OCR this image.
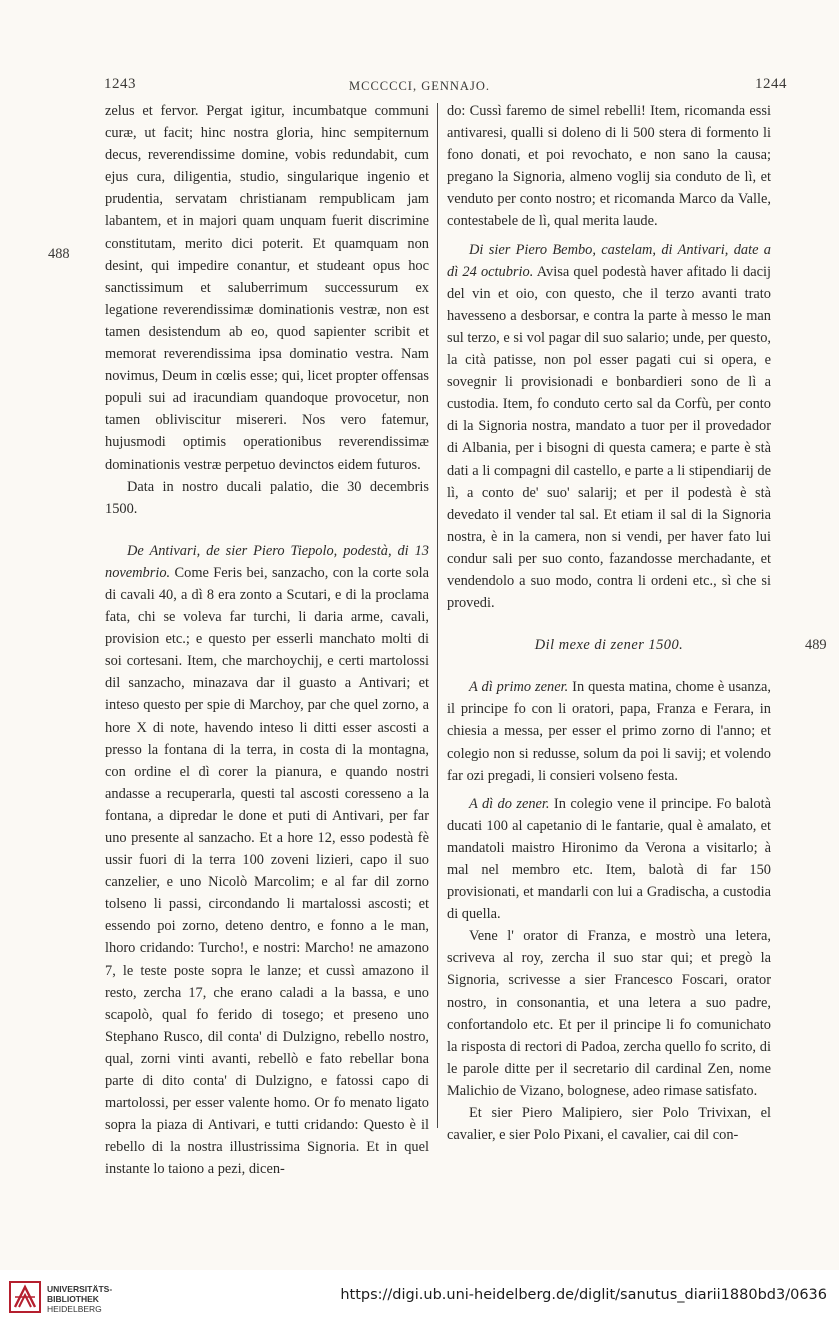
1243	MCCCCCI, GENNAJO.	1244
488
489

zelus et fervor. Pergat igitur, incumbatque communi curæ, ut facit; hinc nostra gloria, hinc sempiternum decus, reverendissime domine, vobis redundabit, cum ejus cura, diligentia, studio, singularique ingenio et prudentia, servatam christianam rempublicam jam labantem, et in majori quam unquam fuerit discrimine constitutam, merito dici poterit. Et quamquam non desint, qui impedire conantur, et studeant opus hoc sanctissimum et saluberrimum successurum ex legatione reverendissimæ dominationis vestræ, non est tamen desistendum ab eo, quod sapienter scribit et memorat reverendissima ipsa dominatio vestra. Nam novimus, Deum in cœlis esse; qui, licet propter offensas populi sui ad iracundiam quandoque provocetur, non tamen obliviscitur misereri. Nos vero fatemur, hujusmodi optimis operationibus reverendissimæ dominationis vestræ perpetuo devinctos eidem futuros.

Data in nostro ducali palatio, die 30 decembris 1500.

De Antivari, de sier Piero Tiepolo, podestà, di 13 novembrio. Come Feris bei, sanzacho, con la corte sola di cavali 40, a dì 8 era zonto a Scutari, e di la proclama fata, chi se voleva far turchi, li daria arme, cavali, provision etc.; e questo per esserli manchato molti di soi cortesani. Item, che marchoychij, e certi martolossi dil sanzacho, minazava dar il guasto a Antivari; et inteso questo per spie di Marchoy, par che quel zorno, a hore X di note, havendo inteso li ditti esser ascosti a presso la fontana di la terra, in costa di la montagna, con ordine el dì corer la pianura, e quando nostri andasse a recuperarla, questi tal ascosti coresseno a la fontana, a dipredar le done et puti di Antivari, per far uno presente al sanzacho. Et a hore 12, esso podestà fè ussir fuori di la terra 100 zoveni lizieri, capo il suo canzelier, e uno Nicolò Marcolim; e al far dil zorno tolseno li passi, circondando li martalossi ascosti; et essendo poi zorno, deteno dentro, e fonno a le man, lhoro cridando: Turcho!, e nostri: Marcho! ne amazono 7, le teste poste sopra le lanze; et cussì amazono il resto, zercha 17, che erano caladi a la bassa, e uno scapolò, qual fo ferido di tosego; et preseno uno Stephano Rusco, dil conta' di Dulzigno, rebello nostro, qual, zorni vinti avanti, rebellò e fato rebellar bona parte di dito conta' di Dulzigno, e fatossi capo di martolossi, per esser valente homo. Or fo menato ligato sopra la piaza di Antivari, e tutti cridando: Questo è il rebello di la nostra illustrissima Signoria. Et in quel instante lo taiono a pezi, dicen-

do: Cussì faremo de simel rebelli! Item, ricomanda essi antivaresi, qualli si doleno di li 500 stera di formento li fono donati, et poi revochato, e non sano la causa; pregano la Signoria, almeno voglij sia conduto de lì, et venduto per conto nostro; et ricomanda Marco da Valle, contestabele de lì, qual merita laude.

Di sier Piero Bembo, castelam, di Antivari, date a dì 24 octubrio. Avisa quel podestà haver afitado li dacij del vin et oio, con questo, che il terzo avanti trato havesseno a desborsar, e contra la parte à messo le man sul terzo, e si vol pagar dil suo salario; unde, per questo, la cità patisse, non pol esser pagati cui si opera, e sovegnir li provisionadi e bonbardieri sono de lì a custodia. Item, fo conduto certo sal da Corfù, per conto di la Signoria nostra, mandato a tuor per il provedador di Albania, per i bisogni di questa camera; e parte è stà dati a li compagni dil castello, e parte a li stipendiarij de lì, a conto de' suo' salarij; et per il podestà è stà devedato il vender tal sal. Et etiam il sal di la Signoria nostra, è in la camera, non si vendi, per haver fato lui condur sali per suo conto, fazandosse merchadante, et vendendolo a suo modo, contra li ordeni etc., sì che si provedi.

Dil mexe di zener 1500.

A dì primo zener. In questa matina, chome è usanza, il principe fo con li oratori, papa, Franza e Ferara, in chiesia a messa, per esser el primo zorno di l'anno; et colegio non si redusse, solum da poi li savij; et volendo far ozi pregadi, li consieri volseno festa.

A dì do zener. In colegio vene il principe. Fo balotà ducati 100 al capetanio di le fantarie, qual è amalato, et mandatoli maistro Hironimo da Verona a visitarlo; à mal nel membro etc. Item, balotà di far 150 provisionati, et mandarli con lui a Gradischa, a custodia di quella.

Vene l' orator di Franza, e mostrò una letera, scriveva al roy, zercha il suo star qui; et pregò la Signoria, scrivesse a sier Francesco Foscari, orator nostro, in consonantia, et una letera a suo padre, confortandolo etc. Et per il principe li fo comunichato la risposta di rectori di Padoa, zercha quello fo scrito, di le parole ditte per il secretario dil cardinal Zen, nome Malichio de Vizano, bolognese, adeo rimase satisfato.

Et sier Piero Malipiero, sier Polo Trivixan, el cavalier, e sier Polo Pixani, el cavalier, cai dil con-

UNIVERSITÄTS-
BIBLIOTHEK
HEIDELBERG
https://digi.ub.uni-heidelberg.de/diglit/sanutus_diarii1880bd3/0636
